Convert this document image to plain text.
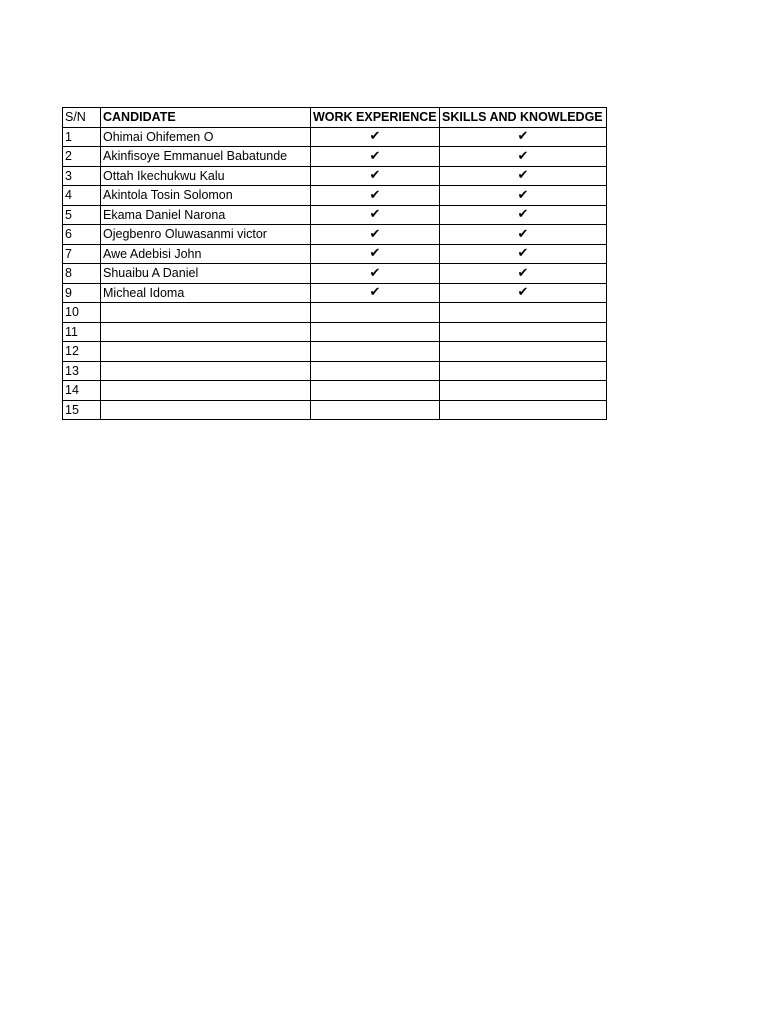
S/N	CANDIDATE	WORK EXPERIENCE	SKILLS AND KNOWLEDGE
1	Ohimai Ohifemen O	✔	✔
2	Akinfisoye Emmanuel Babatunde	✔	✔
3	Ottah Ikechukwu Kalu	✔	✔
4	Akintola Tosin Solomon	✔	✔
5	Ekama Daniel Narona	✔	✔
6	Ojegbenro Oluwasanmi victor	✔	✔
7	Awe Adebisi John	✔	✔
8	Shuaibu A Daniel	✔	✔
9	Micheal Idoma	✔	✔
10			
11			
12			
13			
14			
15			
